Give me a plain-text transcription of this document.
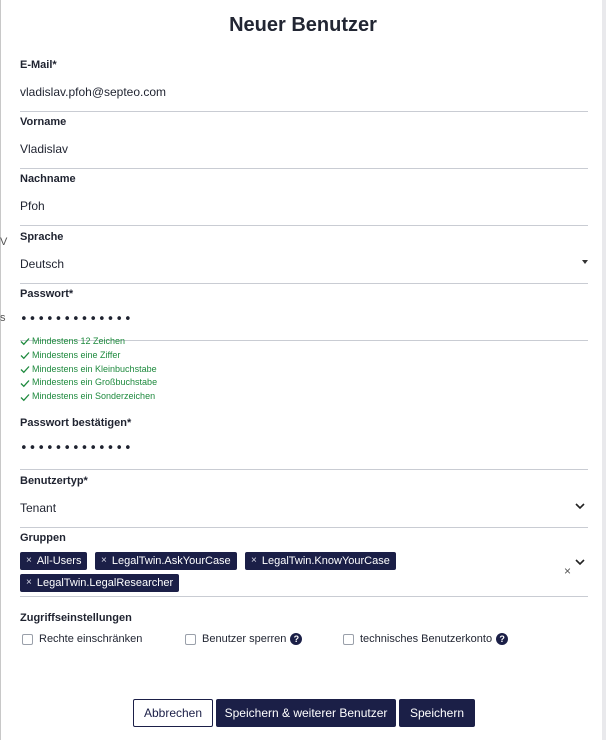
V
s
Neuer Benutzer
E-Mail*
vladislav.pfoh@septeo.com
Vorname
Vladislav
Nachname
Pfoh
Sprache
Deutsch
Passwort*
•••••••••••••
Mindestens 12 Zeichen
Mindestens eine Ziffer
Mindestens ein Kleinbuchstabe
Mindestens ein Großbuchstabe
Mindestens ein Sonderzeichen
Passwort bestätigen*
•••••••••••••
Benutzertyp*
Tenant
Gruppen
× All-Users × LegalTwin.AskYourCase × LegalTwin.KnowYourCase
× LegalTwin.LegalResearcher
×
Zugriffseinstellungen
Rechte einschränken	Benutzer sperren ?	technisches Benutzerkonto ?
Abbrechen	Speichern & weiterer Benutzer	Speichern
